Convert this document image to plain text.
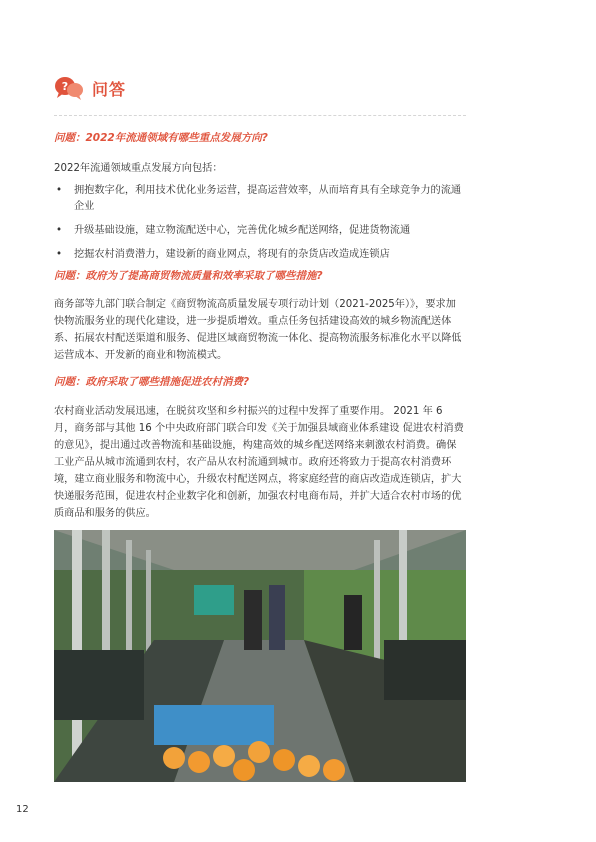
? 问答
问题：2022年流通领域有哪些重点发展方向?
2022年流通领域重点发展方向包括：
• 拥抱数字化，利用技术优化业务运营，提高运营效率，从而培育具有全球竞争力的流通企业
• 升级基础设施，建立物流配送中心，完善优化城乡配送网络，促进货物流通
• 挖掘农村消费潜力，建设新的商业网点，将现有的杂货店改造成连锁店
问题：政府为了提高商贸物流质量和效率采取了哪些措施?
商务部等九部门联合制定《商贸物流高质量发展专项行动计划（2021-2025年）》，要求加快物流服务业的现代化建设，进一步提质增效。重点任务包括建设高效的城乡物流配送体系、拓展农村配送渠道和服务、促进区域商贸物流一体化、提高物流服务标准化水平以降低运营成本、开发新的商业和物流模式。
问题：政府采取了哪些措施促进农村消费?
农村商业活动发展迅速，在脱贫攻坚和乡村振兴的过程中发挥了重要作用。 2021 年 6 月，商务部与其他 16 个中央政府部门联合印发《关于加强县域商业体系建设 促进农村消费的意见》，提出通过改善物流和基础设施，构建高效的城乡配送网络来刺激农村消费。确保工业产品从城市流通到农村，农产品从农村流通到城市。政府还将致力于提高农村消费环境，建立商业服务和物流中心，升级农村配送网点，将家庭经营的商店改造成连锁店，扩大快递服务范围，促进农村企业数字化和创新，加强农村电商布局，并扩大适合农村市场的优质商品和服务的供应。
12
